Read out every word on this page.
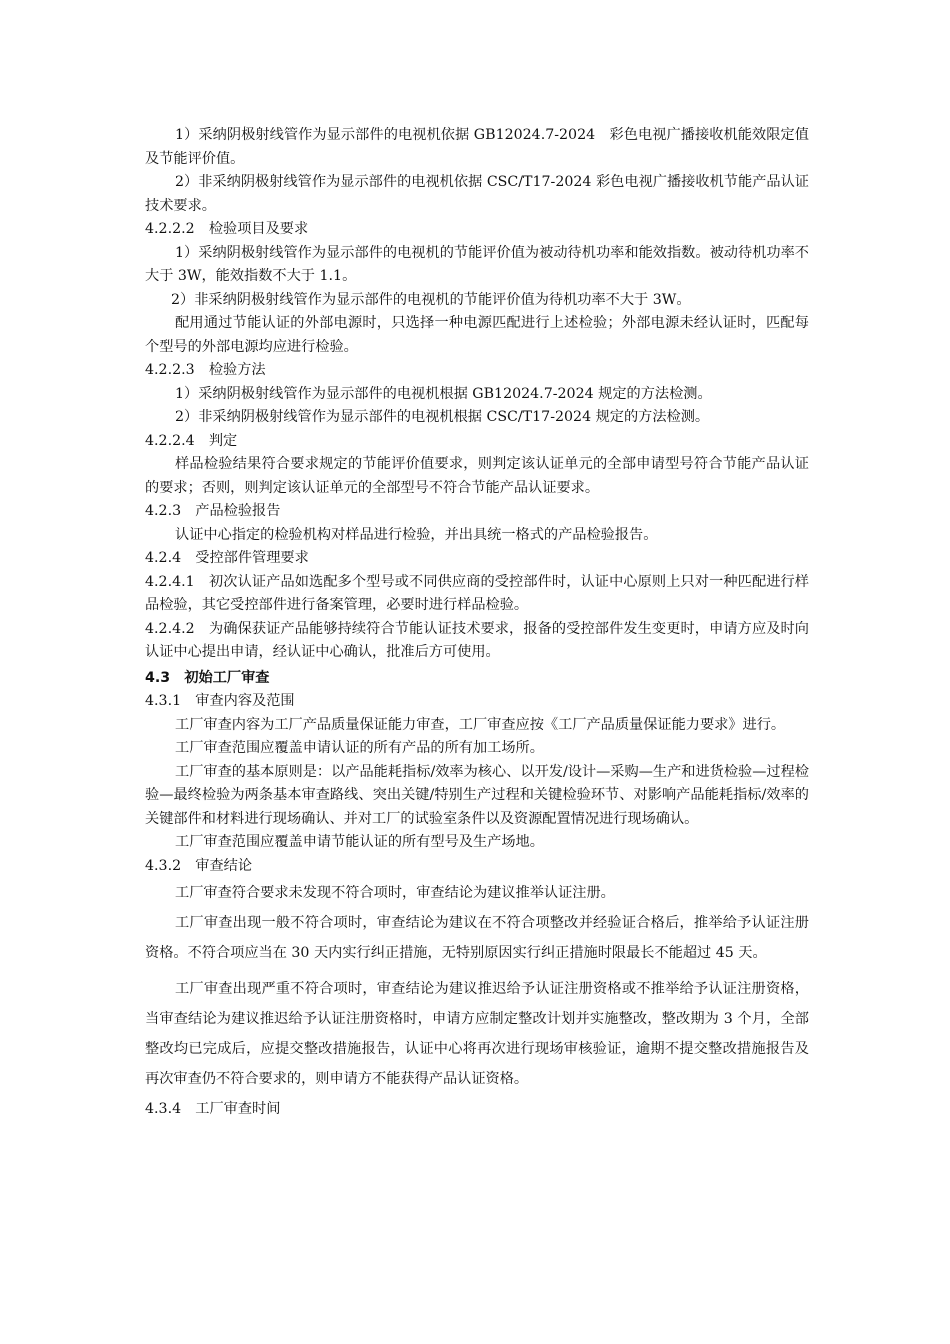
1）采纳阴极射线管作为显示部件的电视机依据 GB12024.7-2024　彩色电视广播接收机能效限定值及节能评价值。

2）非采纳阴极射线管作为显示部件的电视机依据 CSC/T17-2024 彩色电视广播接收机节能产品认证技术要求。

4.2.2.2　检验项目及要求

1）采纳阴极射线管作为显示部件的电视机的节能评价值为被动待机功率和能效指数。被动待机功率不大于 3W，能效指数不大于 1.1。

2）非采纳阴极射线管作为显示部件的电视机的节能评价值为待机功率不大于 3W。

配用通过节能认证的外部电源时，只选择一种电源匹配进行上述检验；外部电源未经认证时，匹配每个型号的外部电源均应进行检验。

4.2.2.3　检验方法

1）采纳阴极射线管作为显示部件的电视机根据 GB12024.7-2024 规定的方法检测。

2）非采纳阴极射线管作为显示部件的电视机根据 CSC/T17-2024 规定的方法检测。

4.2.2.4　判定

样品检验结果符合要求规定的节能评价值要求，则判定该认证单元的全部申请型号符合节能产品认证的要求；否则，则判定该认证单元的全部型号不符合节能产品认证要求。

4.2.3　产品检验报告

认证中心指定的检验机构对样品进行检验，并出具统一格式的产品检验报告。

4.2.4　受控部件管理要求

4.2.4.1　初次认证产品如选配多个型号或不同供应商的受控部件时，认证中心原则上只对一种匹配进行样品检验，其它受控部件进行备案管理，必要时进行样品检验。

4.2.4.2　为确保获证产品能够持续符合节能认证技术要求，报备的受控部件发生变更时，申请方应及时向认证中心提出申请，经认证中心确认，批准后方可使用。

4.3　初始工厂审查

4.3.1　审查内容及范围

工厂审查内容为工厂产品质量保证能力审查，工厂审查应按《工厂产品质量保证能力要求》进行。

工厂审查范围应覆盖申请认证的所有产品的所有加工场所。

工厂审查的基本原则是：以产品能耗指标/效率为核心、以开发/设计—采购—生产和进货检验—过程检验—最终检验为两条基本审查路线、突出关键/特别生产过程和关键检验环节、对影响产品能耗指标/效率的关键部件和材料进行现场确认、并对工厂的试验室条件以及资源配置情况进行现场确认。

工厂审查范围应覆盖申请节能认证的所有型号及生产场地。

4.3.2　审查结论

工厂审查符合要求未发现不符合项时，审查结论为建议推举认证注册。

工厂审查出现一般不符合项时，审查结论为建议在不符合项整改并经验证合格后，推举给予认证注册资格。不符合项应当在 30 天内实行纠正措施，无特别原因实行纠正措施时限最长不能超过 45 天。

工厂审查出现严重不符合项时，审查结论为建议推迟给予认证注册资格或不推举给予认证注册资格，当审查结论为建议推迟给予认证注册资格时，申请方应制定整改计划并实施整改，整改期为 3 个月，全部整改均已完成后，应提交整改措施报告，认证中心将再次进行现场审核验证，逾期不提交整改措施报告及再次审查仍不符合要求的，则申请方不能获得产品认证资格。

4.3.4　工厂审查时间
